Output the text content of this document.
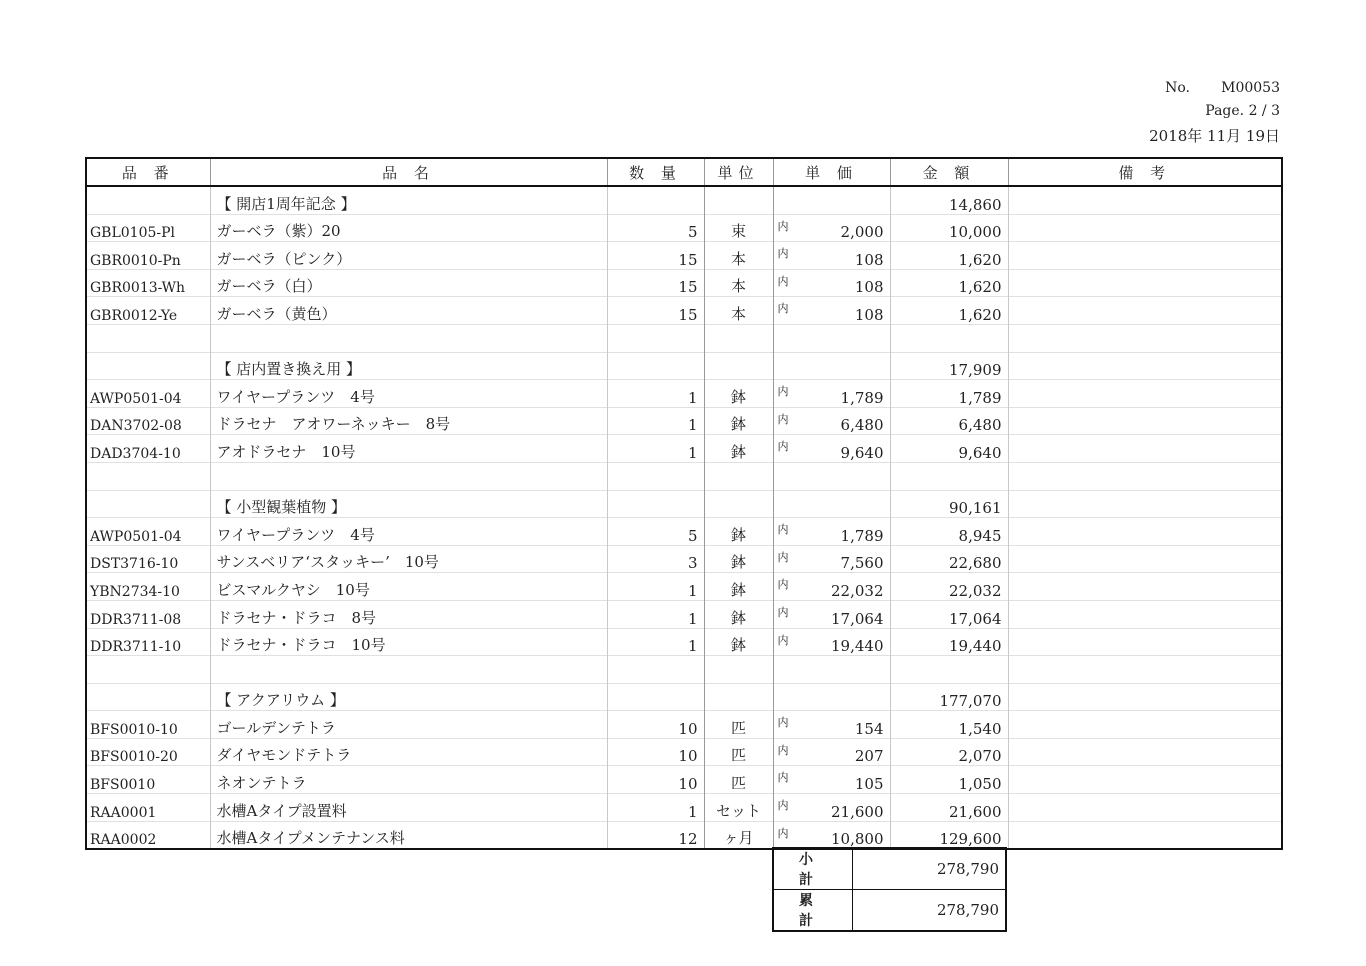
No. M00053
Page. 2 / 3
2018年 11月 19日
品 番	品 名	数 量	単位	単 価	金 額	備 考
	【 開店1周年記念 】				14,860	
GBL0105-Pl	ガーベラ（紫）20	5	束	内 2,000	10,000	
GBR0010-Pn	ガーベラ（ピンク）	15	本	内 108	1,620	
GBR0013-Wh	ガーベラ（白）	15	本	内 108	1,620	
GBR0012-Ye	ガーベラ（黄色）	15	本	内 108	1,620	

	【 店内置き換え用 】				17,909	
AWP0501-04	ワイヤープランツ　4号	1	鉢	内 1,789	1,789	
DAN3702-08	ドラセナ　アオワーネッキー　8号	1	鉢	内 6,480	6,480	
DAD3704-10	アオドラセナ　10号	1	鉢	内 9,640	9,640	

	【 小型観葉植物 】				90,161	
AWP0501-04	ワイヤープランツ　4号	5	鉢	内 1,789	8,945	
DST3716-10	サンスベリア‘スタッキー’　10号	3	鉢	内 7,560	22,680	
YBN2734-10	ビスマルクヤシ　10号	1	鉢	内 22,032	22,032	
DDR3711-08	ドラセナ・ドラコ　8号	1	鉢	内 17,064	17,064	
DDR3711-10	ドラセナ・ドラコ　10号	1	鉢	内 19,440	19,440	

	【 アクアリウム 】				177,070	
BFS0010-10	ゴールデンテトラ	10	匹	内 154	1,540	
BFS0010-20	ダイヤモンドテトラ	10	匹	内 207	2,070	
BFS0010	ネオンテトラ	10	匹	内 105	1,050	
RAA0001	水槽Aタイプ設置料	1	セット	内 21,600	21,600	
RAA0002	水槽Aタイプメンテナンス料	12	ヶ月	内 10,800	129,600	
小 計	278,790
累 計	278,790
